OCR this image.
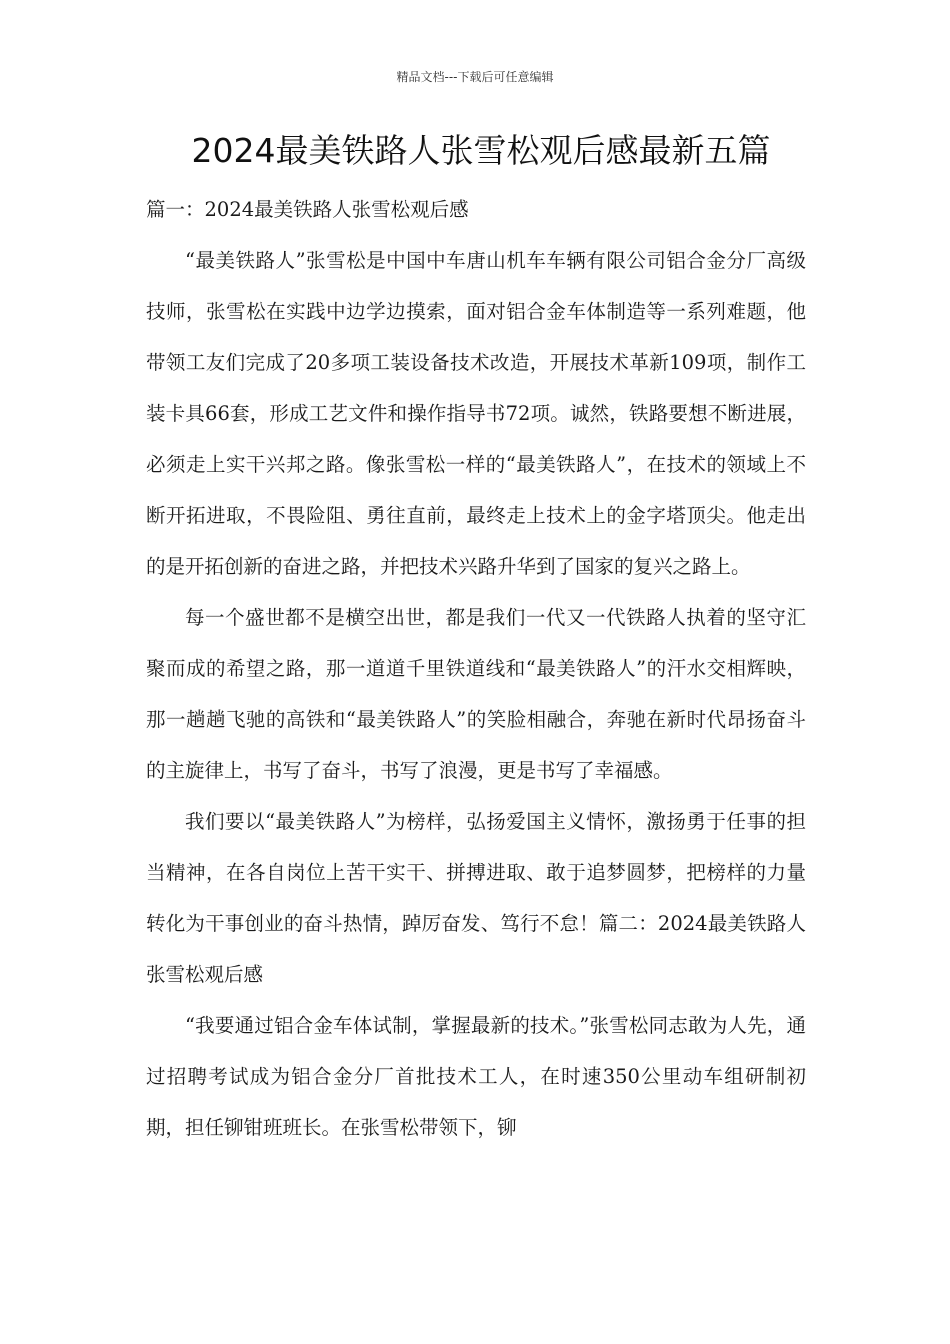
精品文档---下载后可任意编辑
2024最美铁路人张雪松观后感最新五篇

篇一：2024最美铁路人张雪松观后感

“最美铁路人”张雪松是中国中车唐山机车车辆有限公司铝合金分厂高级技师，张雪松在实践中边学边摸索，面对铝合金车体制造等一系列难题，他带领工友们完成了20多项工装设备技术改造，开展技术革新109项，制作工装卡具66套，形成工艺文件和操作指导书72项。诚然，铁路要想不断进展，必须走上实干兴邦之路。像张雪松一样的“最美铁路人”，在技术的领域上不断开拓进取，不畏险阻、勇往直前，最终走上技术上的金字塔顶尖。他走出的是开拓创新的奋进之路，并把技术兴路升华到了国家的复兴之路上。

每一个盛世都不是横空出世，都是我们一代又一代铁路人执着的坚守汇聚而成的希望之路，那一道道千里铁道线和“最美铁路人”的汗水交相辉映，那一趟趟飞驰的高铁和“最美铁路人”的笑脸相融合，奔驰在新时代昂扬奋斗的主旋律上，书写了奋斗，书写了浪漫，更是书写了幸福感。

我们要以“最美铁路人”为榜样，弘扬爱国主义情怀，激扬勇于任事的担当精神，在各自岗位上苦干实干、拼搏进取、敢于追梦圆梦，把榜样的力量转化为干事创业的奋斗热情，踔厉奋发、笃行不怠！篇二：2024最美铁路人张雪松观后感

“我要通过铝合金车体试制，掌握最新的技术。”张雪松同志敢为人先，通过招聘考试成为铝合金分厂首批技术工人，在时速350公里动车组研制初期，担任铆钳班班长。在张雪松带领下，铆
